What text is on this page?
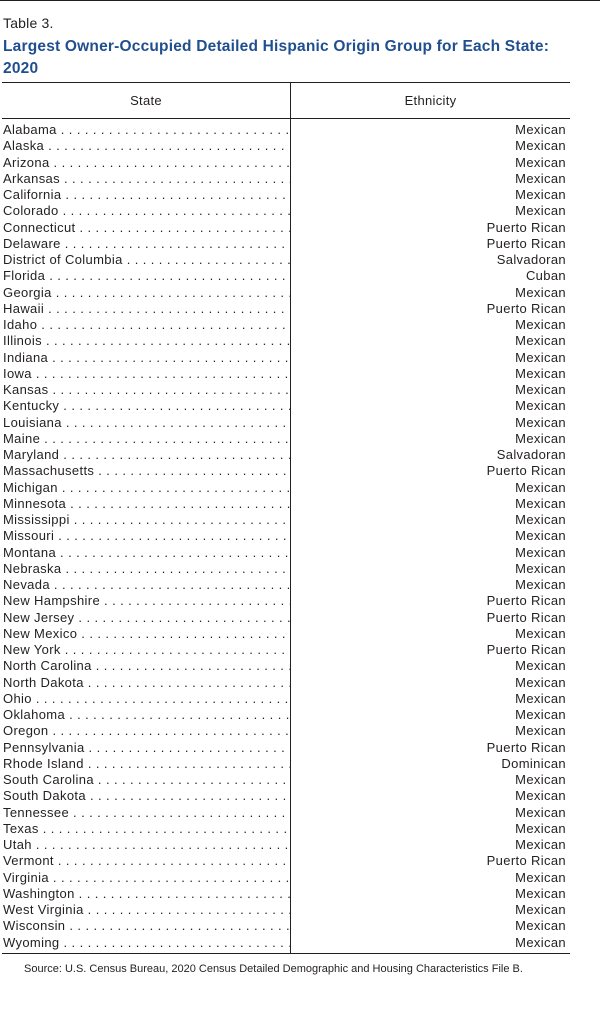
Table 3.
Largest Owner-Occupied Detailed Hispanic Origin Group for Each State: 2020
State	Ethnicity
Alabama . . .
Alaska . . .
Arizona . . .
Arkansas . . .
California . . .
Colorado . . .
Connecticut . . .
Delaware . . .
District of Columbia . . .
Florida . . .
Georgia . . .
Hawaii . . .
Idaho . . .
Illinois . . .
Indiana . . .
Iowa . . .
Kansas . . .
Kentucky . . .
Louisiana . . .
Maine . . .
Maryland . . .
Massachusetts . . .
Michigan . . .
Minnesota . . .
Mississippi . . .
Missouri . . .
Montana . . .
Nebraska . . .
Nevada . . .
New Hampshire . . .
New Jersey . . .
New Mexico . . .
New York . . .
North Carolina . . .
North Dakota . . .
Ohio . . .
Oklahoma . . .
Oregon . . .
Pennsylvania . . .
Rhode Island . . .
South Carolina . . .
South Dakota . . .
Tennessee . . .
Texas . . .
Utah . . .
Vermont . . .
Virginia . . .
Washington . . .
West Virginia . . .
Wisconsin . . .
Wyoming . . .
Mexican
Mexican
Mexican
Mexican
Mexican
Mexican
Puerto Rican
Puerto Rican
Salvadoran
Cuban
Mexican
Puerto Rican
Mexican
Mexican
Mexican
Mexican
Mexican
Mexican
Mexican
Mexican
Salvadoran
Puerto Rican
Mexican
Mexican
Mexican
Mexican
Mexican
Mexican
Mexican
Puerto Rican
Puerto Rican
Mexican
Puerto Rican
Mexican
Mexican
Mexican
Mexican
Mexican
Puerto Rican
Dominican
Mexican
Mexican
Mexican
Mexican
Mexican
Puerto Rican
Mexican
Mexican
Mexican
Mexican
Mexican
Source: U.S. Census Bureau, 2020 Census Detailed Demographic and Housing Characteristics File B.
